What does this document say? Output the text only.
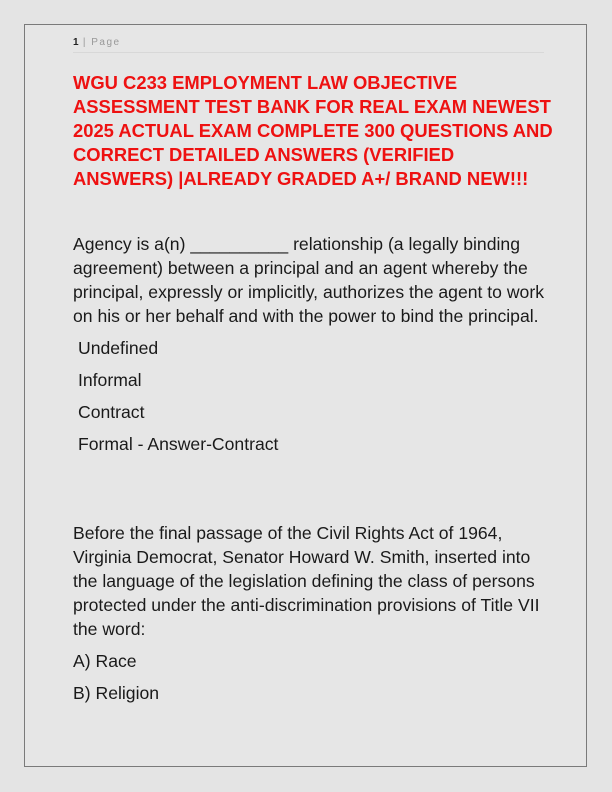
1 | Page
WGU C233 EMPLOYMENT LAW OBJECTIVE ASSESSMENT TEST BANK FOR REAL EXAM NEWEST 2025 ACTUAL EXAM COMPLETE 300 QUESTIONS AND CORRECT DETAILED ANSWERS (VERIFIED ANSWERS) |ALREADY GRADED A+/ BRAND NEW!!!
Agency is a(n) __________ relationship (a legally binding agreement) between a principal and an agent whereby the principal, expressly or implicitly, authorizes the agent to work on his or her behalf and with the power to bind the principal.
Undefined
Informal
Contract
Formal - Answer-Contract
Before the final passage of the Civil Rights Act of 1964, Virginia Democrat, Senator Howard W. Smith, inserted into the language of the legislation defining the class of persons protected under the anti-discrimination provisions of Title VII the word:
A) Race
B) Religion
